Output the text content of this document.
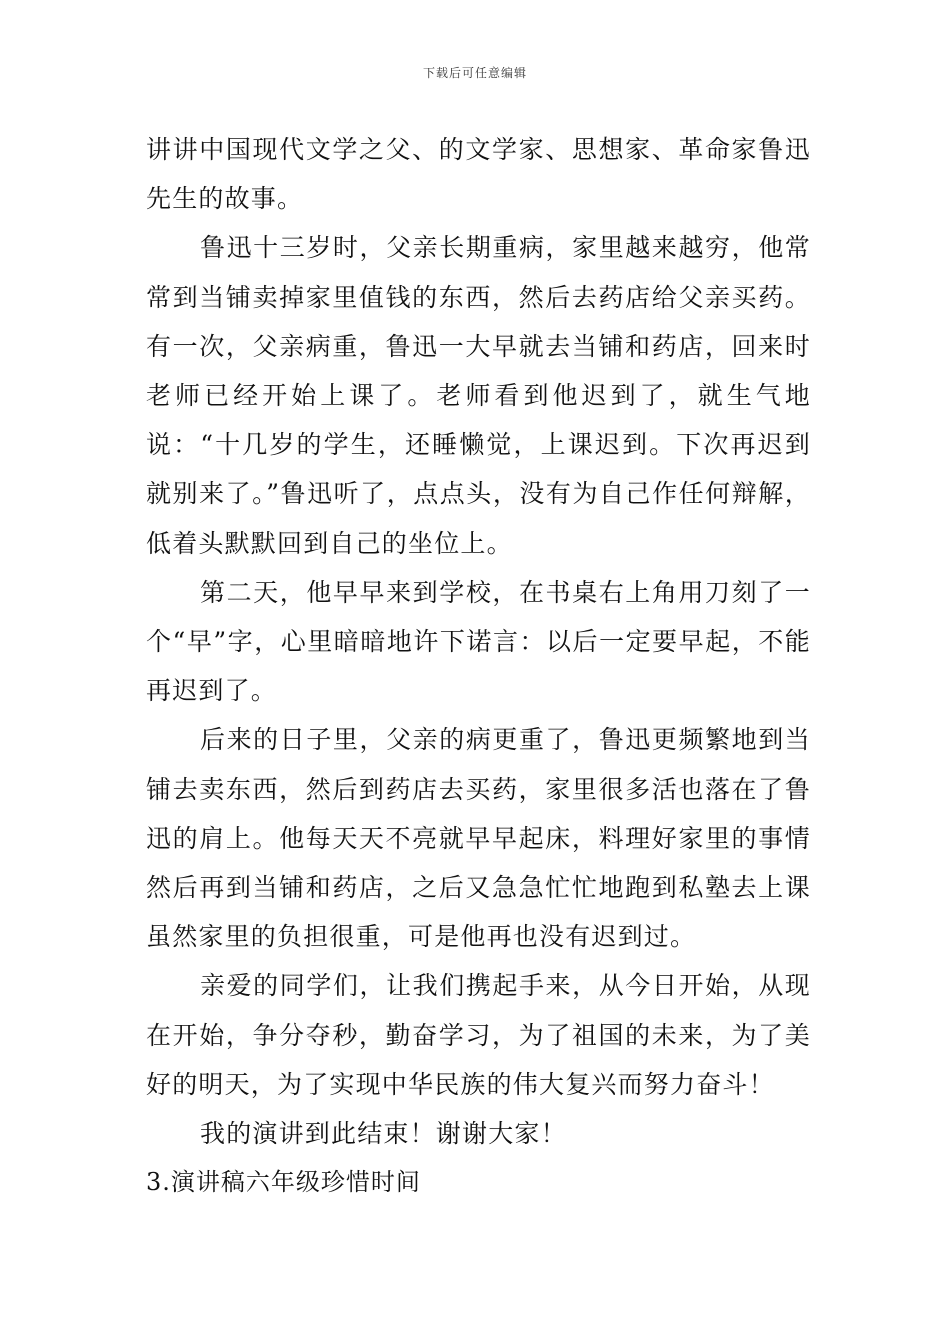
下载后可任意编辑

讲讲中国现代文学之父、的文学家、思想家、革命家鲁迅先生的故事。

鲁迅十三岁时，父亲长期重病，家里越来越穷，他常常到当铺卖掉家里值钱的东西，然后去药店给父亲买药。有一次，父亲病重，鲁迅一大早就去当铺和药店，回来时老师已经开始上课了。老师看到他迟到了，就生气地说：“十几岁的学生，还睡懒觉，上课迟到。下次再迟到就别来了。”鲁迅听了，点点头，没有为自己作任何辩解，低着头默默回到自己的坐位上。

第二天，他早早来到学校，在书桌右上角用刀刻了一个“早”字，心里暗暗地许下诺言：以后一定要早起，不能再迟到了。

后来的日子里，父亲的病更重了，鲁迅更频繁地到当铺去卖东西，然后到药店去买药，家里很多活也落在了鲁迅的肩上。他每天天不亮就早早起床，料理好家里的事情然后再到当铺和药店，之后又急急忙忙地跑到私塾去上课虽然家里的负担很重，可是他再也没有迟到过。

亲爱的同学们，让我们携起手来，从今日开始，从现在开始，争分夺秒，勤奋学习，为了祖国的未来，为了美好的明天，为了实现中华民族的伟大复兴而努力奋斗！

我的演讲到此结束！谢谢大家！

3.演讲稿六年级珍惜时间
